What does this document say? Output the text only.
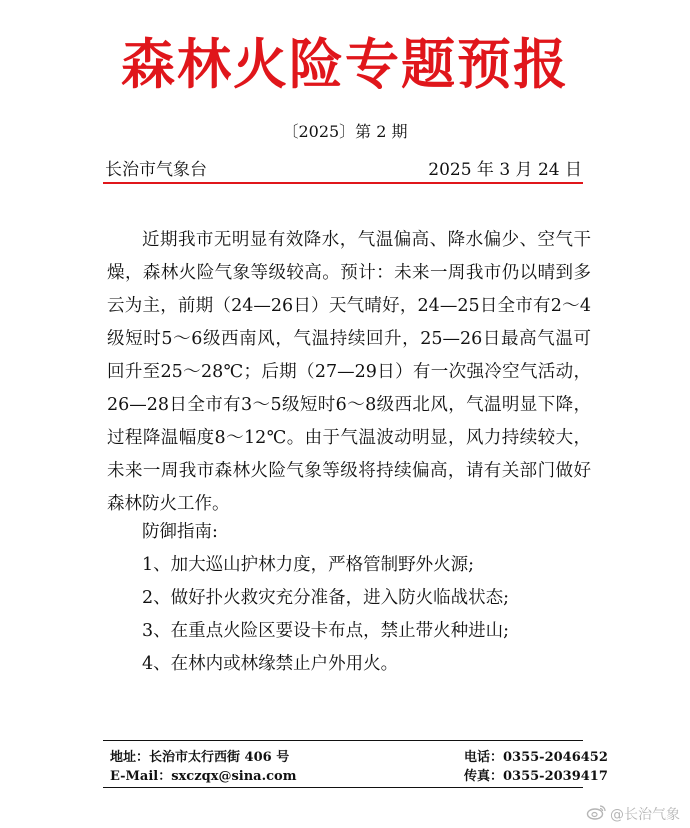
森林火险专题预报
〔2025〕第 2 期
长治市气象台	2025 年 3 月 24 日

近期我市无明显有效降水，气温偏高、降水偏少、空气干燥，森林火险气象等级较高。预计：未来一周我市仍以晴到多云为主，前期（24—26日）天气晴好，24—25日全市有2～4级短时5～6级西南风，气温持续回升，25—26日最高气温可回升至25～28℃；后期（27—29日）有一次强冷空气活动，26—28日全市有3～5级短时6～8级西北风，气温明显下降，过程降温幅度8～12℃。由于气温波动明显，风力持续较大，未来一周我市森林火险气象等级将持续偏高，请有关部门做好森林防火工作。

防御指南:
1、加大巡山护林力度，严格管制野外火源;
2、做好扑火救灾充分准备，进入防火临战状态;
3、在重点火险区要设卡布点，禁止带火种进山;
4、在林内或林缘禁止户外用火。
地址：长治市太行西街 406 号
E-Mail：sxczqx@sina.com
电话：0355-2046452
传真：0355-2039417
@长治气象
